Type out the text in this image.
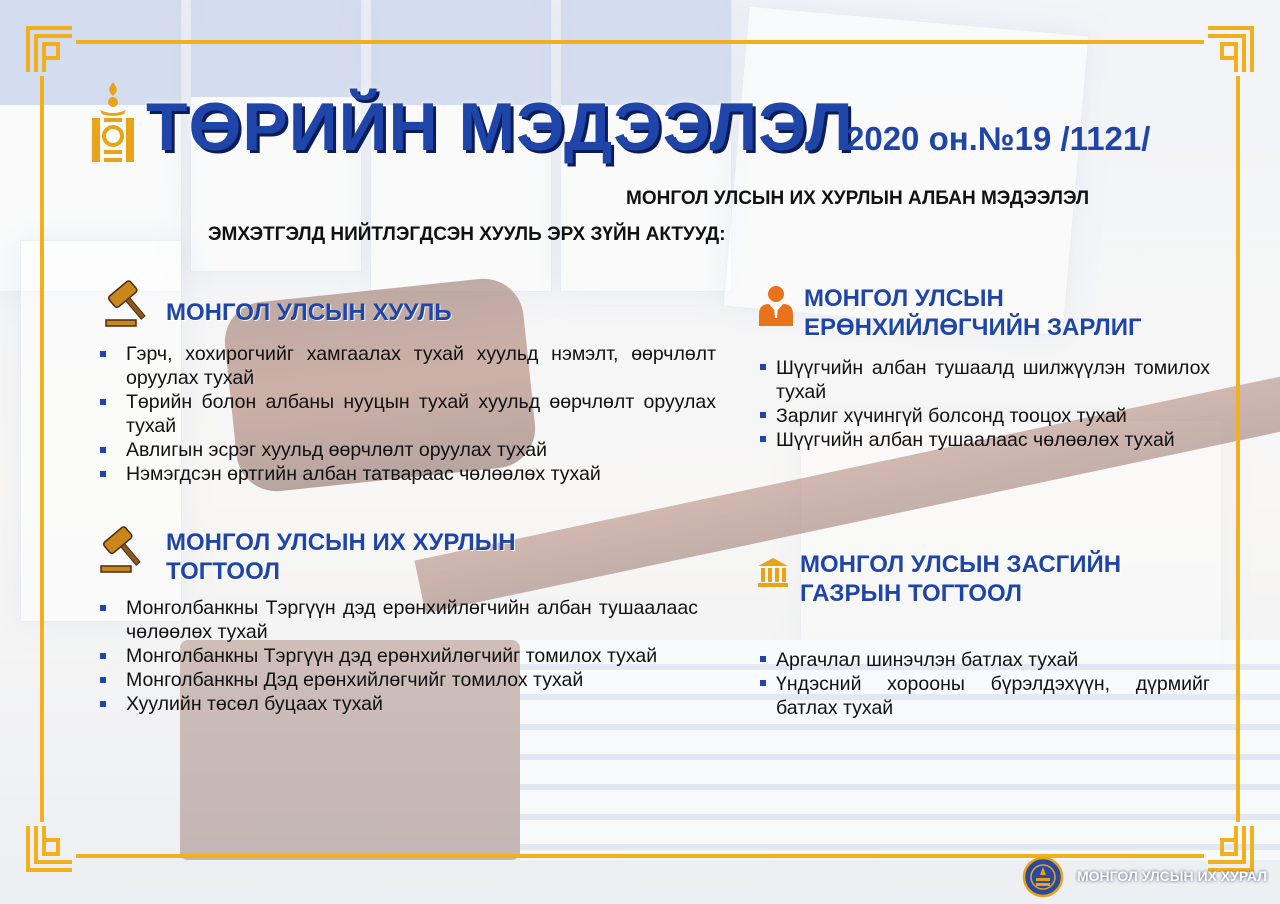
ТӨРИЙН МЭДЭЭЛЭЛ
2020 он.№19 /1121/
МОНГОЛ УЛСЫН ИХ ХУРЛЫН АЛБАН МЭДЭЭЛЭЛ
ЭМХЭТГЭЛД НИЙТЛЭГДСЭН ХУУЛЬ ЭРХ ЗҮЙН АКТУУД:
МОНГОЛ УЛСЫН ХУУЛЬ
Гэрч, хохирогчийг хамгаалах тухай хуульд нэмэлт, өөрчлөлт оруулах тухай
Төрийн болон албаны нууцын тухай хуульд өөрчлөлт оруулах тухай
Авлигын эсрэг хуульд өөрчлөлт оруулах тухай
Нэмэгдсэн өртгийн албан татвараас чөлөөлөх тухай
МОНГОЛ УЛСЫН ИХ ХУРЛЫН
ТОГТООЛ
Монголбанкны Тэргүүн дэд ерөнхийлөгчийн албан тушаалаас чөлөөлөх тухай
Монголбанкны Тэргүүн дэд ерөнхийлөгчийг томилох тухай
Монголбанкны Дэд ерөнхийлөгчийг томилох тухай
Хуулийн төсөл буцаах тухай
МОНГОЛ УЛСЫН
ЕРӨНХИЙЛӨГЧИЙН ЗАРЛИГ
Шүүгчийн албан тушаалд шилжүүлэн томилох тухай
Зарлиг хүчингүй болсонд тооцох тухай
Шүүгчийн албан тушаалаас чөлөөлөх тухай
МОНГОЛ УЛСЫН ЗАСГИЙН
ГАЗРЫН ТОГТООЛ
Аргачлал шинэчлэн батлах тухай
Үндэсний хорооны бүрэлдэхүүн, дүрмийг батлах тухай
МОНГОЛ УЛСЫН ИХ ХУРАЛ
